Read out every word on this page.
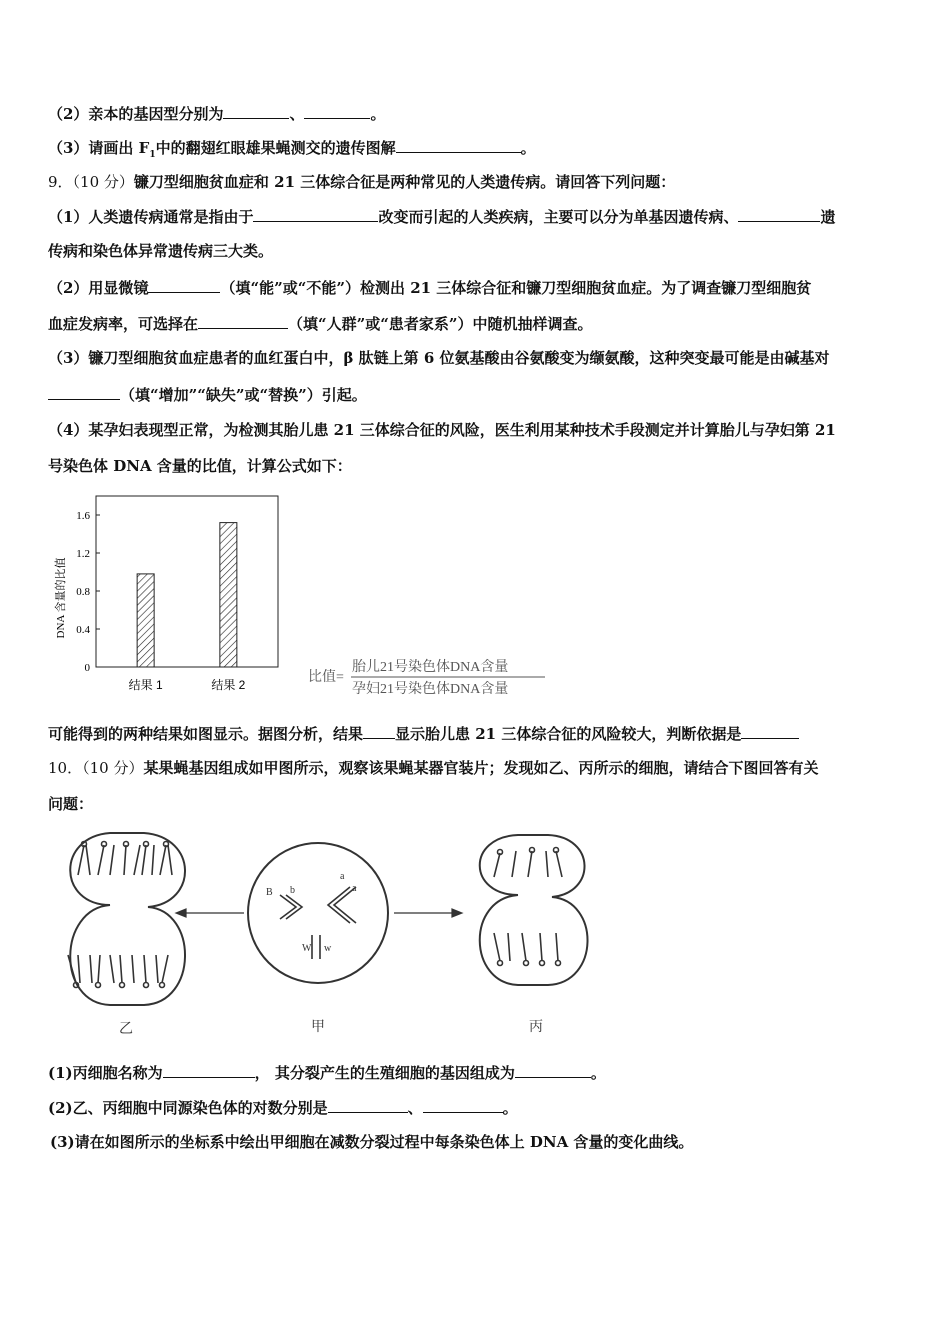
（2）亲本的基因型分别为	、	。
（3）请画出 $F_1$中的翻翅红眼雄果蝇测交的遗传图解	。
9．（10 分）镰刀型细胞贫血症和 21 三体综合征是两种常见的人类遗传病。请回答下列问题：
（1）人类遗传病通常是指由于	改变而引起的人类疾病，主要可以分为单基因遗传病、	遗
传病和染色体异常遗传病三大类。
（2）用显微镜	（填“能”或“不能”）检测出 21 三体综合征和镰刀型细胞贫血症。为了调查镰刀型细胞贫
血症发病率，可选择在	（填“人群”或“患者家系”）中随机抽样调查。
（3）镰刀型细胞贫血症患者的血红蛋白中，β 肽链上第 6 位氨基酸由谷氨酸变为缬氨酸，这种突变最可能是由碱基对
（填“增加”“缺失”或“替换”）引起。
（4）某孕妇表现型正常，为检测其胎儿患 21 三体综合征的风险，医生利用某种技术手段测定并计算胎儿与孕妇第 21
号染色体 DNA 含量的比值，计算公式如下：
DNA 含量的比值
0
0.4
0.8
1.2
1.6
结果 1	结果 2	比值=
胎儿21号染色体DNA含量
孕妇21号染色体DNA含量
可能得到的两种结果如图显示。据图分析，结果 显示胎儿患 21 三体综合征的风险较大，判断依据是
10．（10 分）某果蝇基因组成如甲图所示，观察该果蝇某器官装片；发现如乙、丙所示的细胞，请结合下图回答有关
问题：
B b
a
a
W w
乙	甲	丙
(1)丙细胞名称为	， 其分裂产生的生殖细胞的基因组成为	。
(2)乙、丙细胞中同源染色体的对数分别是	、	。
(3)请在如图所示的坐标系中绘出甲细胞在减数分裂过程中每条染色体上 DNA 含量的变化曲线。
